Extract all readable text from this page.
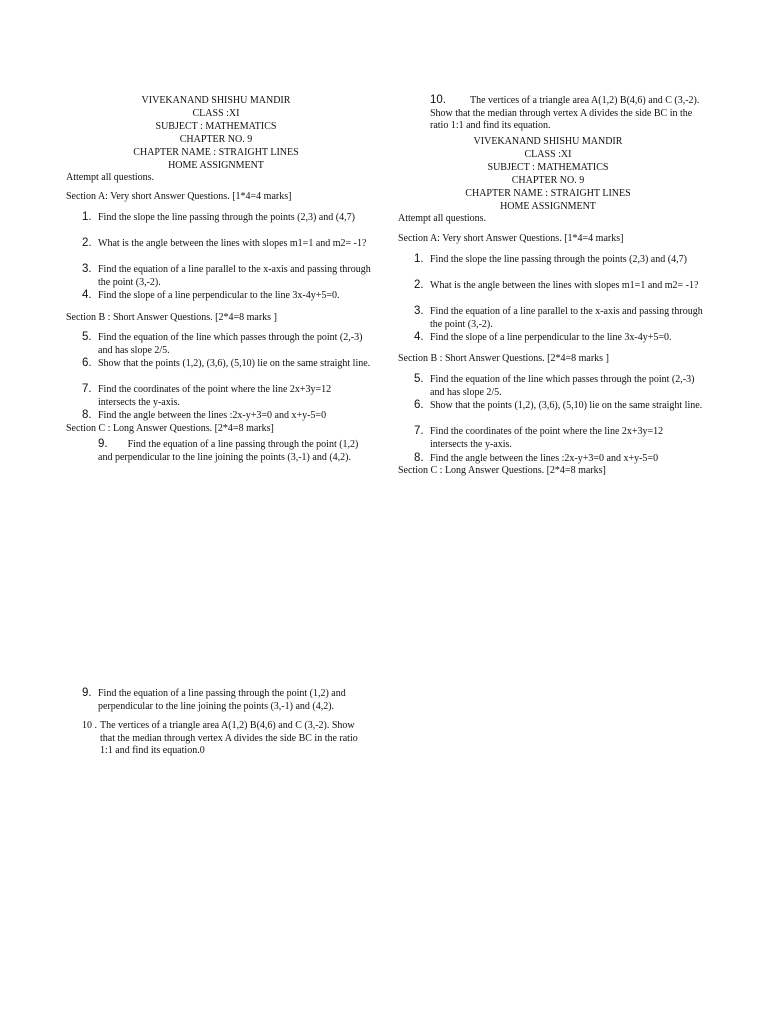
VIVEKANAND SHISHU MANDIR
CLASS :XI
SUBJECT : MATHEMATICS
CHAPTER NO. 9
CHAPTER NAME : STRAIGHT LINES
HOME ASSIGNMENT
Attempt all questions.
Section A: Very short Answer Questions. [1*4=4 marks]
1. Find the slope the line passing through the points (2,3) and (4,7)
2. What is the angle between the lines with slopes m1=1 and m2= -1?
3. Find the equation of a line parallel to the x-axis and passing through the point (3,-2).
4. Find the slope of a line perpendicular to the line 3x-4y+5=0.
Section B : Short Answer Questions. [2*4=8 marks ]
5. Find the equation of the line which passes through the point (2,-3) and has slope 2/5.
6. Show that the points (1,2), (3,6), (5,10) lie on the same straight line.
7. Find the coordinates of the point where the line 2x+3y=12 intersects the y-axis.
8. Find the angle between the lines :2x-y+3=0 and x+y-5=0
Section C : Long Answer Questions. [2*4=8 marks]
9. Find the equation of a line passing through the point (1,2) and perpendicular to the line joining the points (3,-1) and (4,2).
9. Find the equation of a line passing through the point (1,2) and perpendicular to the line joining the points (3,-1) and (4,2).
10 . The vertices of a triangle area A(1,2) B(4,6) and C (3,-2). Show that the median through vertex A divides the side BC in the ratio 1:1 and find its equation.0
10. The vertices of a triangle area A(1,2) B(4,6) and C (3,-2). Show that the median through vertex A divides the side BC in the ratio 1:1 and find its equation.
VIVEKANAND SHISHU MANDIR
CLASS :XI
SUBJECT : MATHEMATICS
CHAPTER NO. 9
CHAPTER NAME : STRAIGHT LINES
HOME ASSIGNMENT
Attempt all questions.
Section A: Very short Answer Questions. [1*4=4 marks]
1. Find the slope the line passing through the points (2,3) and (4,7)
2. What is the angle between the lines with slopes m1=1 and m2= -1?
3. Find the equation of a line parallel to the x-axis and passing through the point (3,-2).
4. Find the slope of a line perpendicular to the line 3x-4y+5=0.
Section B : Short Answer Questions. [2*4=8 marks ]
5. Find the equation of the line which passes through the point (2,-3) and has slope 2/5.
6. Show that the points (1,2), (3,6), (5,10) lie on the same straight line.
7. Find the coordinates of the point where the line 2x+3y=12 intersects the y-axis.
8. Find the angle between the lines :2x-y+3=0 and x+y-5=0
Section C : Long Answer Questions. [2*4=8 marks]
